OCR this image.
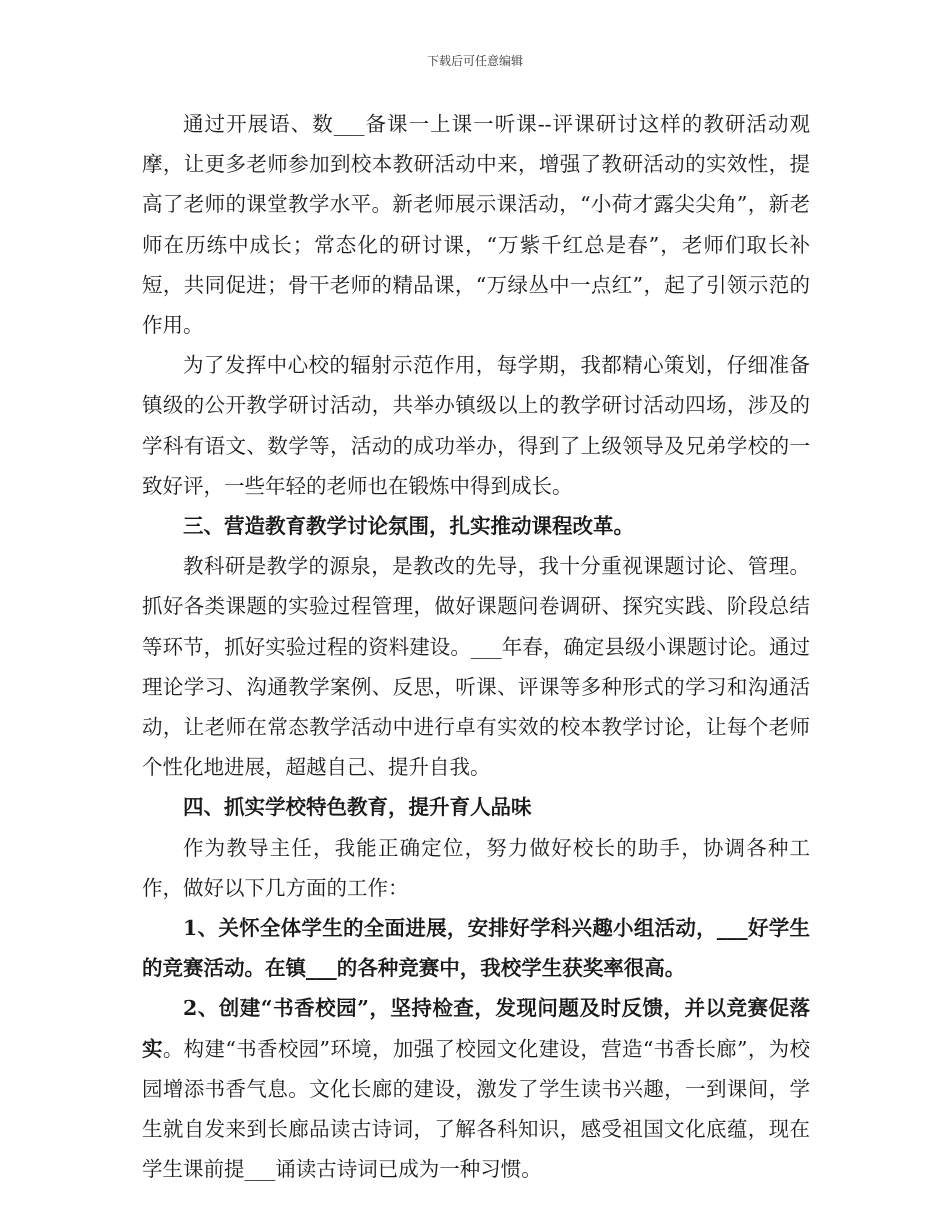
下载后可任意编辑

通过开展语、数___备课一上课一听课--评课研讨这样的教研活动观摩，让更多老师参加到校本教研活动中来，增强了教研活动的实效性，提高了老师的课堂教学水平。新老师展示课活动，“小荷才露尖尖角”，新老师在历练中成长；常态化的研讨课，“万紫千红总是春”，老师们取长补短，共同促进；骨干老师的精品课，“万绿丛中一点红”，起了引领示范的作用。

为了发挥中心校的辐射示范作用，每学期，我都精心策划，仔细准备镇级的公开教学研讨活动，共举办镇级以上的教学研讨活动四场，涉及的学科有语文、数学等，活动的成功举办，得到了上级领导及兄弟学校的一致好评，一些年轻的老师也在锻炼中得到成长。

三、营造教育教学讨论氛围，扎实推动课程改革。

教科研是教学的源泉，是教改的先导，我十分重视课题讨论、管理。抓好各类课题的实验过程管理，做好课题问卷调研、探究实践、阶段总结等环节，抓好实验过程的资料建设。___年春，确定县级小课题讨论。通过理论学习、沟通教学案例、反思，听课、评课等多种形式的学习和沟通活动，让老师在常态教学活动中进行卓有实效的校本教学讨论，让每个老师个性化地进展，超越自己、提升自我。

四、抓实学校特色教育，提升育人品味

作为教导主任，我能正确定位，努力做好校长的助手，协调各种工作，做好以下几方面的工作：

1、关怀全体学生的全面进展，安排好学科兴趣小组活动，___好学生的竞赛活动。在镇___的各种竞赛中，我校学生获奖率很高。

2、创建“书香校园”，坚持检查，发现问题及时反馈，并以竞赛促落实。构建“书香校园”环境，加强了校园文化建设，营造“书香长廊”，为校园增添书香气息。文化长廊的建设，激发了学生读书兴趣，一到课间，学生就自发来到长廊品读古诗词，了解各科知识，感受祖国文化底蕴，现在学生课前提___诵读古诗词已成为一种习惯。
